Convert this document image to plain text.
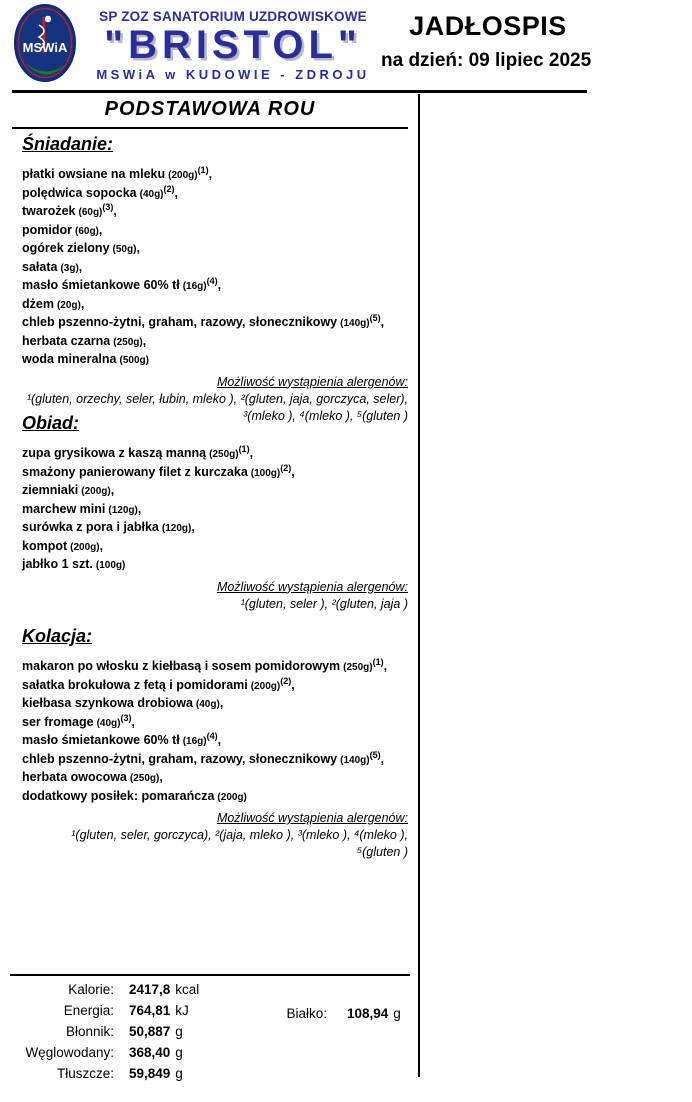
MSWiA
SP ZOZ SANATORIUM UZDROWISKOWE
"BRISTOL"
MSWiA w KUDOWIE - ZDROJU
JADŁOSPIS
na dzień: 09 lipiec 2025
PODSTAWOWA ROU
Śniadanie:
płatki owsiane na mleku (200g)$^{(1)}$,
polędwica sopocka (40g)$^{(2)}$,
twarożek (60g)$^{(3)}$,
pomidor (60g),
ogórek zielony (50g),
sałata (3g),
masło śmietankowe 60% tł (16g)$^{(4)}$,
dżem (20g),
chleb pszenno-żytni, graham, razowy, słonecznikowy (140g)$^{(5)}$,
herbata czarna (250g),
woda mineralna (500g)
Możliwość wystąpienia alergenów:
¹(gluten, orzechy, seler, łubin, mleko ), ²(gluten, jaja, gorczyca, seler),
³(mleko ), ⁴(mleko ), ⁵(gluten )
Obiad:
zupa grysikowa z kaszą manną (250g)$^{(1)}$,
smażony panierowany filet z kurczaka (100g)$^{(2)}$,
ziemniaki (200g),
marchew mini (120g),
surówka z pora i jabłka (120g),
kompot (200g),
jabłko 1 szt. (100g)
Możliwość wystąpienia alergenów:
¹(gluten, seler ), ²(gluten, jaja )
Kolacja:
makaron po włosku z kiełbasą i sosem pomidorowym (250g)$^{(1)}$,
sałatka brokułowa z fetą i pomidorami (200g)$^{(2)}$,
kiełbasa szynkowa drobiowa (40g),
ser fromage (40g)$^{(3)}$,
masło śmietankowe 60% tł (16g)$^{(4)}$,
chleb pszenno-żytni, graham, razowy, słonecznikowy (140g)$^{(5)}$,
herbata owocowa (250g),
dodatkowy posiłek: pomarańcza (200g)
Możliwość wystąpienia alergenów:
¹(gluten, seler, gorczyca), ²(jaja, mleko ), ³(mleko ), ⁴(mleko ),
⁵(gluten )
Kalorie: 2417,8 kcal
Energia: 764,81 kJ
Błonnik: 50,887 g
Węglowodany: 368,40 g
Tłuszcze: 59,849 g
Białko: 108,94 g
